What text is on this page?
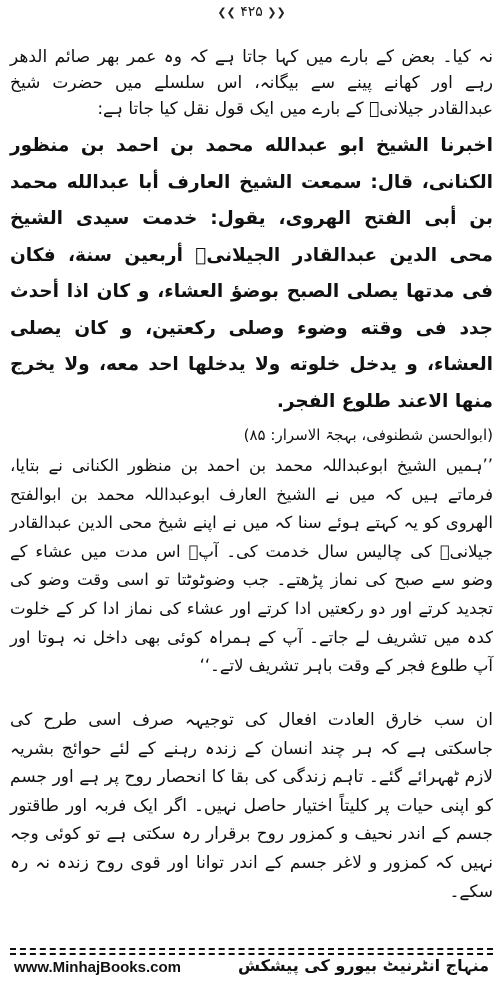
❮❮ ۴۲۵ ❯❯

نہ کیا۔ بعض کے بارے میں کہا جاتا ہے کہ وہ عمر بھر صائم الدھر رہے اور کھانے پینے سے بیگانہ، اس سلسلے میں حضرت شیخ عبدالقادر جیلانیؒ کے بارے میں ایک قول نقل کیا جاتا ہے:

اخبرنا الشيخ ابو عبدالله محمد بن احمد بن منظور الكنانى، قال: سمعت الشيخ العارف أبا عبدالله محمد بن أبى الفتح الهروى، يقول: خدمت سيدى الشيخ محى الدين عبدالقادر الجيلانىؓ أربعين سنة، فكان فى مدتها يصلى الصبح بوضؤ العشاء، و كان اذا أحدث جدد فى وقته وضوء وصلى ركعتين، و كان يصلى العشاء، و يدخل خلوته ولا يدخلها احد معه، ولا يخرج منها الاعند طلوع الفجر.

(ابوالحسن شطنوفی، بہجۃ الاسرار: ۸۵)

’’ہمیں الشیخ ابوعبداللہ محمد بن احمد بن منظور الکنانی نے بتایا، فرماتے ہیں کہ میں نے الشیخ العارف ابوعبداللہ محمد بن ابوالفتح الھروی کو یہ کہتے ہوئے سنا کہ میں نے اپنے شیخ محی الدین عبدالقادر جیلانیؒ کی چالیس سال خدمت کی۔ آپؒ اس مدت میں عشاء کے وضو سے صبح کی نماز پڑھتے۔ جب وضوٹوٹتا تو اسی وقت وضو کی تجدید کرتے اور دو رکعتیں ادا کرتے اور عشاء کی نماز ادا کر کے خلوت کدہ میں تشریف لے جاتے۔ آپ کے ہمراہ کوئی بھی داخل نہ ہوتا اور آپ طلوع فجر کے وقت باہر تشریف لاتے۔‘‘

ان سب خارق العادت افعال کی توجیہہ صرف اسی طرح کی جاسکتی ہے کہ ہر چند انسان کے زندہ رہنے کے لئے حوائج بشریہ لازم ٹھہرائے گئے۔ تاہم زندگی کی بقا کا انحصار روح پر ہے اور جسم کو اپنی حیات پر کلیتاً اختیار حاصل نہیں۔ اگر ایک فربہ اور طاقتور جسم کے اندر نحیف و کمزور روح برقرار رہ سکتی ہے تو کوئی وجہ نہیں کہ کمزور و لاغر جسم کے اندر توانا اور قوی روح زندہ نہ رہ سکے۔

www.MinhajBooks.com	منہاج انٹرنیٹ بیورو کی پیشکش
